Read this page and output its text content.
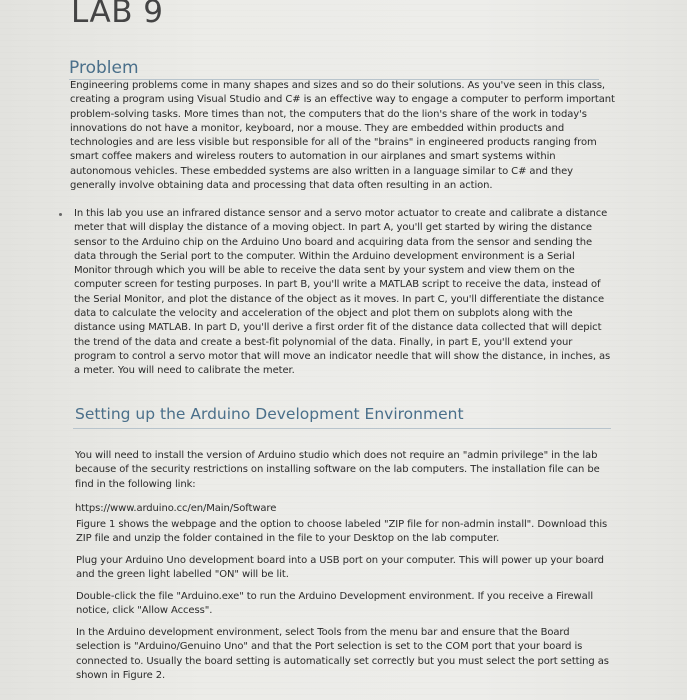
LAB 9
Problem

Engineering problems come in many shapes and sizes and so do their solutions. As you've seen in this class, creating a program using Visual Studio and C# is an effective way to engage a computer to perform important problem-solving tasks. More times than not, the computers that do the lion's share of the work in today's innovations do not have a monitor, keyboard, nor a mouse. They are embedded within products and technologies and are less visible but responsible for all of the "brains" in engineered products ranging from smart coffee makers and wireless routers to automation in our airplanes and smart systems within autonomous vehicles. These embedded systems are also written in a language similar to C# and they generally involve obtaining data and processing that data often resulting in an action.

In this lab you use an infrared distance sensor and a servo motor actuator to create and calibrate a distance meter that will display the distance of a moving object. In part A, you'll get started by wiring the distance sensor to the Arduino chip on the Arduino Uno board and acquiring data from the sensor and sending the data through the Serial port to the computer. Within the Arduino development environment is a Serial Monitor through which you will be able to receive the data sent by your system and view them on the computer screen for testing purposes. In part B, you'll write a MATLAB script to receive the data, instead of the Serial Monitor, and plot the distance of the object as it moves. In part C, you'll differentiate the distance data to calculate the velocity and acceleration of the object and plot them on subplots along with the distance using MATLAB. In part D, you'll derive a first order fit of the distance data collected that will depict the trend of the data and create a best-fit polynomial of the data. Finally, in part E, you'll extend your program to control a servo motor that will move an indicator needle that will show the distance, in inches, as a meter. You will need to calibrate the meter.

Setting up the Arduino Development Environment

You will need to install the version of Arduino studio which does not require an "admin privilege" in the lab because of the security restrictions on installing software on the lab computers. The installation file can be find in the following link:

https://www.arduino.cc/en/Main/Software

Figure 1 shows the webpage and the option to choose labeled "ZIP file for non-admin install". Download this ZIP file and unzip the folder contained in the file to your Desktop on the lab computer.

Plug your Arduino Uno development board into a USB port on your computer. This will power up your board and the green light labelled "ON" will be lit.

Double-click the file "Arduino.exe" to run the Arduino Development environment. If you receive a Firewall notice, click "Allow Access".

In the Arduino development environment, select Tools from the menu bar and ensure that the Board selection is "Arduino/Genuino Uno" and that the Port selection is set to the COM port that your board is connected to. Usually the board setting is automatically set correctly but you must select the port setting as shown in Figure 2.
